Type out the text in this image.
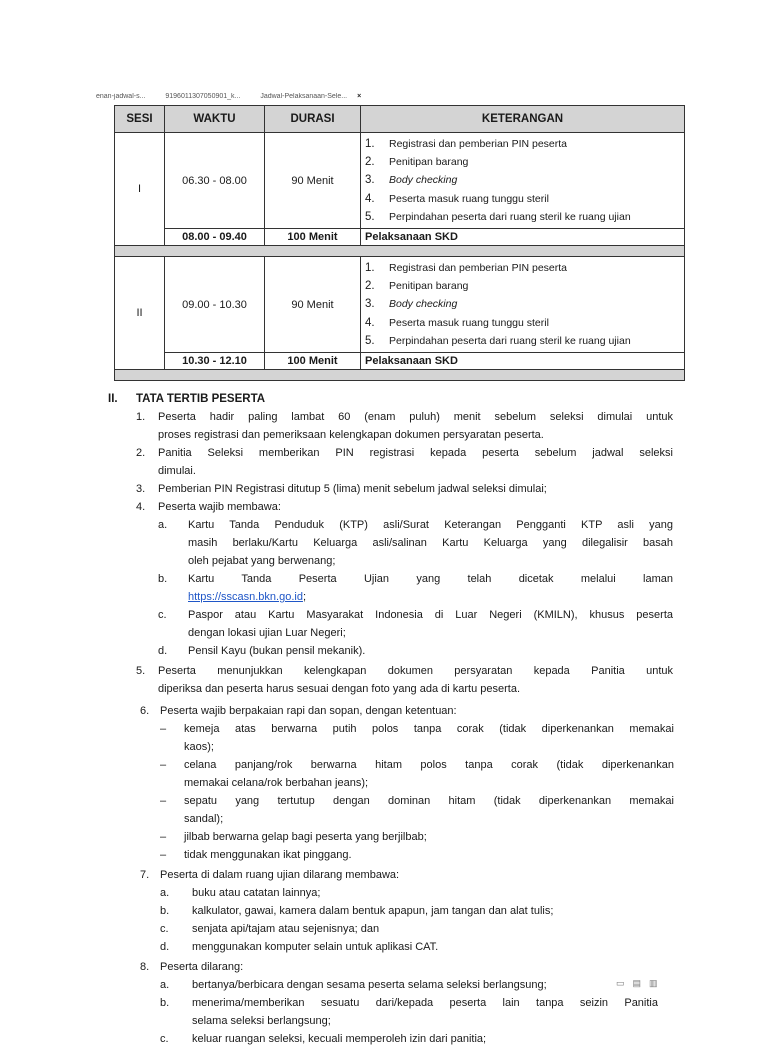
enan-jadwal-s...	9196011307050901_k...	Jadwal-Pelaksanaan-Sele... ×
SESI	WAKTU	DURASI	KETERANGAN
I	06.30 - 08.00	90 Menit	1. Registrasi dan pemberian PIN peserta
2. Penitipan barang
3. Body checking
4. Peserta masuk ruang tunggu steril
5. Perpindahan peserta dari ruang steril ke ruang ujian

	08.00 - 09.40	100 Menit	Pelaksanaan SKD

II	09.00 - 10.30	90 Menit	1. Registrasi dan pemberian PIN peserta
2. Penitipan barang
3. Body checking
4. Peserta masuk ruang tunggu steril
5. Perpindahan peserta dari ruang steril ke ruang ujian

	10.30 - 12.10	100 Menit	Pelaksanaan SKD

II. TATA TERTIB PESERTA
1. Peserta hadir paling lambat 60 (enam puluh) menit sebelum seleksi dimulai untuk
proses registrasi dan pemeriksaan kelengkapan dokumen persyaratan peserta.
2. Panitia Seleksi memberikan PIN registrasi kepada peserta sebelum jadwal seleksi
dimulai.
3. Pemberian PIN Registrasi ditutup 5 (lima) menit sebelum jadwal seleksi dimulai;
4. Peserta wajib membawa:
a. Kartu Tanda Penduduk (KTP) asli/Surat Keterangan Pengganti KTP asli yang
masih berlaku/Kartu Keluarga asli/salinan Kartu Keluarga yang dilegalisir basah
oleh pejabat yang berwenang;
b. Kartu Tanda Peserta Ujian yang telah dicetak melalui laman
https://sscasn.bkn.go.id;
c. Paspor atau Kartu Masyarakat Indonesia di Luar Negeri (KMILN), khusus peserta
dengan lokasi ujian Luar Negeri;
d. Pensil Kayu (bukan pensil mekanik).
5. Peserta menunjukkan kelengkapan dokumen persyaratan kepada Panitia untuk
diperiksa dan peserta harus sesuai dengan foto yang ada di kartu peserta.
6. Peserta wajib berpakaian rapi dan sopan, dengan ketentuan:
– kemeja atas berwarna putih polos tanpa corak (tidak diperkenankan memakai
kaos);
– celana panjang/rok berwarna hitam polos tanpa corak (tidak diperkenankan
memakai celana/rok berbahan jeans);
– sepatu yang tertutup dengan dominan hitam (tidak diperkenankan memakai
sandal);
– jilbab berwarna gelap bagi peserta yang berjilbab;
– tidak menggunakan ikat pinggang.
7. Peserta di dalam ruang ujian dilarang membawa:
a. buku atau catatan lainnya;
b. kalkulator, gawai, kamera dalam bentuk apapun, jam tangan dan alat tulis;
c. senjata api/tajam atau sejenisnya; dan
d. menggunakan komputer selain untuk aplikasi CAT.
8. Peserta dilarang:
a. bertanya/berbicara dengan sesama peserta selama seleksi berlangsung;
b. menerima/memberikan sesuatu dari/kepada peserta lain tanpa seizin Panitia
selama seleksi berlangsung;
c. keluar ruangan seleksi, kecuali memperoleh izin dari panitia;
▭▤▥
